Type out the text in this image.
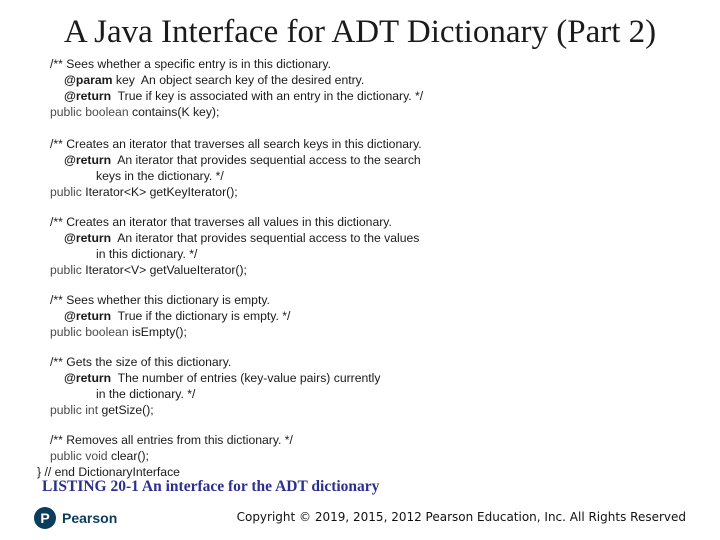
A Java Interface for ADT Dictionary (Part 2)
/** Sees whether a specific entry is in this dictionary.
@param key  An object search key of the desired entry.
@return  True if key is associated with an entry in the dictionary. */
public boolean contains(K key);
/** Creates an iterator that traverses all search keys in this dictionary.
@return  An iterator that provides sequential access to the search
keys in the dictionary. */
public Iterator<K> getKeyIterator();
/** Creates an iterator that traverses all values in this dictionary.
@return  An iterator that provides sequential access to the values
in this dictionary. */
public Iterator<V> getValueIterator();
/** Sees whether this dictionary is empty.
@return  True if the dictionary is empty. */
public boolean isEmpty();
/** Gets the size of this dictionary.
@return  The number of entries (key-value pairs) currently
in the dictionary. */
public int getSize();
/** Removes all entries from this dictionary. */
public void clear();
} // end DictionaryInterface
LISTING 20-1 An interface for the ADT dictionary
P
Pearson	Copyright © 2019, 2015, 2012 Pearson Education, Inc. All Rights Reserved
